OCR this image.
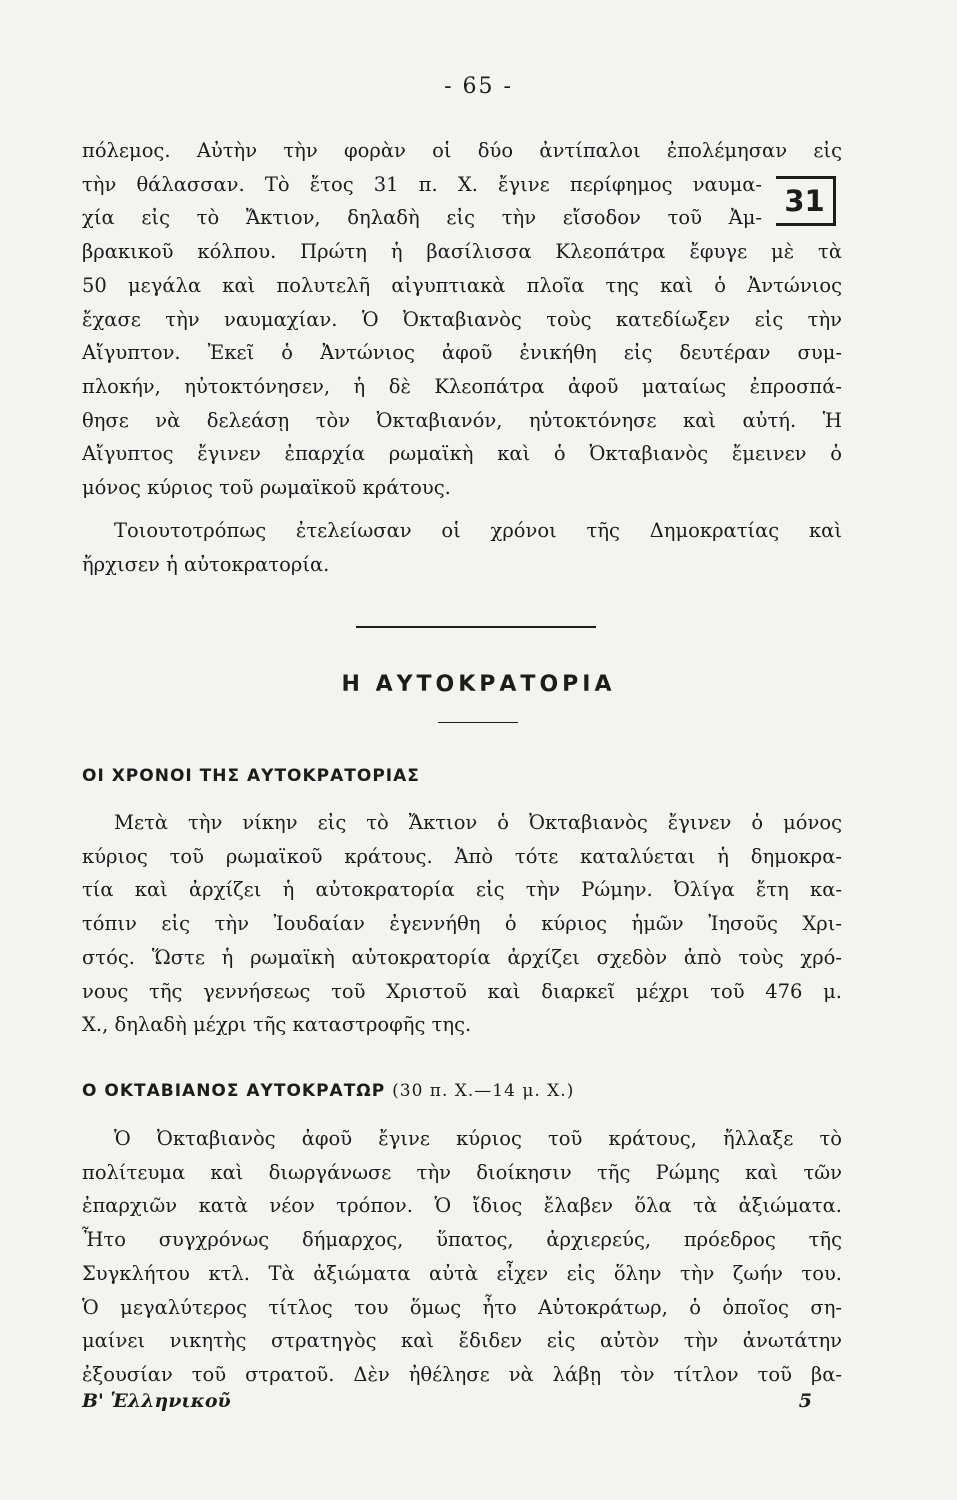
- 65 -
πόλεμος. Αὐτὴν τὴν φορὰν οἱ δύο ἀντίπαλοι ἐπολέμησαν εἰς
τὴν θάλασσαν. Τὸ ἔτος 31 π. Χ. ἔγινε περίφημος ναυμα-
χία εἰς τὸ Ἄκτιον, δηλαδὴ εἰς τὴν εἴσοδον τοῦ Ἀμ-
βρακικοῦ κόλπου. Πρώτη ἡ βασίλισσα Κλεοπάτρα ἔφυγε μὲ τὰ
50 μεγάλα καὶ πολυτελῆ αἰγυπτιακὰ πλοῖα της καὶ ὁ Ἀντώνιος
ἔχασε τὴν ναυμαχίαν. Ὁ Ὀκταβιανὸς τοὺς κατεδίωξεν εἰς τὴν
Αἴγυπτον. Ἐκεῖ ὁ Ἀντώνιος ἀφοῦ ἐνικήθη εἰς δευτέραν συμ-
πλοκήν, ηὐτοκτόνησεν, ἡ δὲ Κλεοπάτρα ἀφοῦ ματαίως ἐπροσπά-
θησε νὰ δελεάσῃ τὸν Ὀκταβιανόν, ηὐτοκτόνησε καὶ αὐτή. Ἡ
Αἴγυπτος ἔγινεν ἐπαρχία ρωμαϊκὴ καὶ ὁ Ὀκταβιανὸς ἔμεινεν ὁ
μόνος κύριος τοῦ ρωμαϊκοῦ κράτους.
31
Τοιουτοτρόπως ἐτελείωσαν οἱ χρόνοι τῆς Δημοκρατίας καὶ
ἤρχισεν ἡ αὐτοκρατορία.
Η ΑΥΤΟΚΡΑΤΟΡΙΑ
ΟΙ ΧΡΟΝΟΙ ΤΗΣ ΑΥΤΟΚΡΑΤΟΡΙΑΣ
Μετὰ τὴν νίκην εἰς τὸ Ἄκτιον ὁ Ὀκταβιανὸς ἔγινεν ὁ μόνος
κύριος τοῦ ρωμαϊκοῦ κράτους. Ἀπὸ τότε καταλύεται ἡ δημοκρα-
τία καὶ ἀρχίζει ἡ αὐτοκρατορία εἰς τὴν Ρώμην. Ὀλίγα ἔτη κα-
τόπιν εἰς τὴν Ἰουδαίαν ἐγεννήθη ὁ κύριος ἡμῶν Ἰησοῦς Χρι-
στός. Ὥστε ἡ ρωμαϊκὴ αὐτοκρατορία ἀρχίζει σχεδὸν ἀπὸ τοὺς χρό-
νους τῆς γεννήσεως τοῦ Χριστοῦ καὶ διαρκεῖ μέχρι τοῦ 476 μ.
Χ., δηλαδὴ μέχρι τῆς καταστροφῆς της.
Ο ΟΚΤΑΒΙΑΝΟΣ ΑΥΤΟΚΡΑΤΩΡ (30 π. Χ.—14 μ. Χ.)
Ὁ Ὀκταβιανὸς ἀφοῦ ἔγινε κύριος τοῦ κράτους, ἤλλαξε τὸ
πολίτευμα καὶ διωργάνωσε τὴν διοίκησιν τῆς Ρώμης καὶ τῶν
ἐπαρχιῶν κατὰ νέον τρόπον. Ὁ ἴδιος ἔλαβεν ὅλα τὰ ἀξιώματα.
Ἦτο συγχρόνως δήμαρχος, ὕπατος, ἀρχιερεύς, πρόεδρος τῆς
Συγκλήτου κτλ. Τὰ ἀξιώματα αὐτὰ εἶχεν εἰς ὅλην τὴν ζωήν του.
Ὁ μεγαλύτερος τίτλος του ὅμως ἦτο Αὐτοκράτωρ, ὁ ὁποῖος ση-
μαίνει νικητὴς στρατηγὸς καὶ ἔδιδεν εἰς αὐτὸν τὴν ἀνωτάτην
ἐξουσίαν τοῦ στρατοῦ. Δὲν ἠθέλησε νὰ λάβῃ τὸν τίτλον τοῦ βα-
Β' Ἑλληνικοῦ	5
